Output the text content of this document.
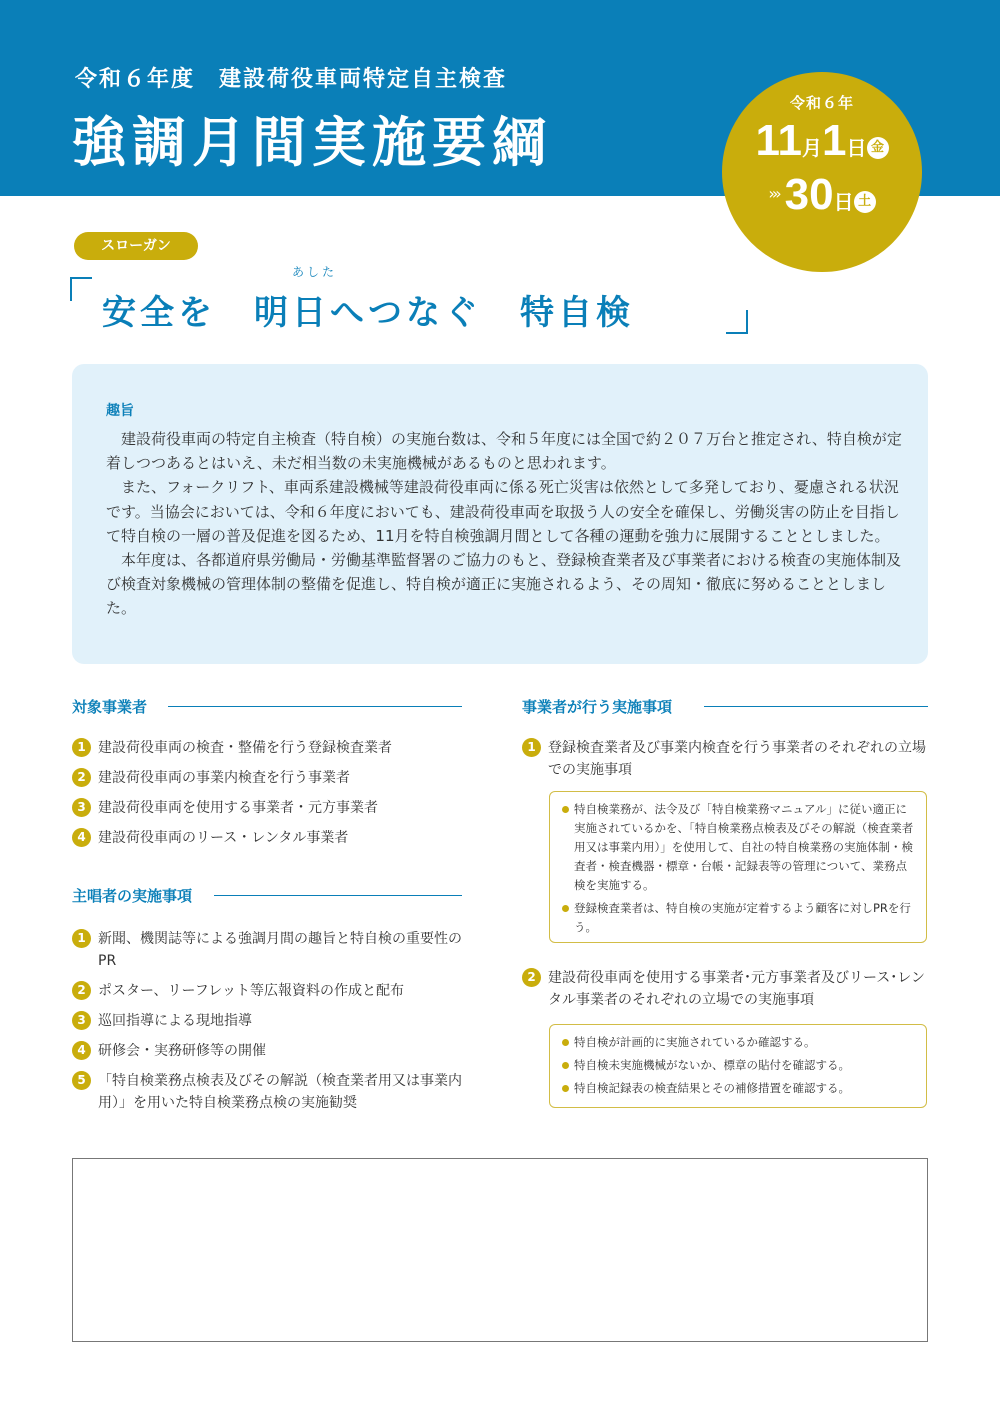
令和６年度　建設荷役車両特定自主検査
強調月間実施要綱
令和６年
11月1日 金
››› 30日 土
スローガン
あした
安全を　明日へつなぐ　特自検
趣旨

　建設荷役車両の特定自主検査（特自検）の実施台数は、令和５年度には全国で約２０７万台と推定され、特自検が定着しつつあるとはいえ、未だ相当数の未実施機械があるものと思われます。

　また、フォークリフト、車両系建設機械等建設荷役車両に係る死亡災害は依然として多発しており、憂慮される状況です。当協会においては、令和６年度においても、建設荷役車両を取扱う人の安全を確保し、労働災害の防止を目指して特自検の一層の普及促進を図るため、11月を特自検強調月間として各種の運動を強力に展開することとしました。

　本年度は、各都道府県労働局・労働基準監督署のご協力のもと、登録検査業者及び事業者における検査の実施体制及び検査対象機械の管理体制の整備を促進し、特自検が適正に実施されるよう、その周知・徹底に努めることとしました。

対象事業者
1 建設荷役車両の検査・整備を行う登録検査業者
2 建設荷役車両の事業内検査を行う事業者
3 建設荷役車両を使用する事業者・元方事業者
4 建設荷役車両のリース・レンタル事業者
主唱者の実施事項
1 新聞、機関誌等による強調月間の趣旨と特自検の重要性のPR
2 ポスター、リーフレット等広報資料の作成と配布
3 巡回指導による現地指導
4 研修会・実務研修等の開催
5 「特自検業務点検表及びその解説（検査業者用又は事業内用）」を用いた特自検業務点検の実施勧奨
事業者が行う実施事項
1 登録検査業者及び事業内検査を行う事業者のそれぞれの立場での実施事項
特自検業務が、法令及び「特自検業務マニュアル」に従い適正に実施されているかを、「特自検業務点検表及びその解説（検査業者用又は事業内用）」を使用して、自社の特自検業務の実施体制・検査者・検査機器・標章・台帳・記録表等の管理について、業務点検を実施する。
登録検査業者は、特自検の実施が定着するよう顧客に対しPRを行う。
2 建設荷役車両を使用する事業者･元方事業者及びリース･レンタル事業者のそれぞれの立場での実施事項
特自検が計画的に実施されているか確認する。
特自検未実施機械がないか、標章の貼付を確認する。
特自検記録表の検査結果とその補修措置を確認する。
